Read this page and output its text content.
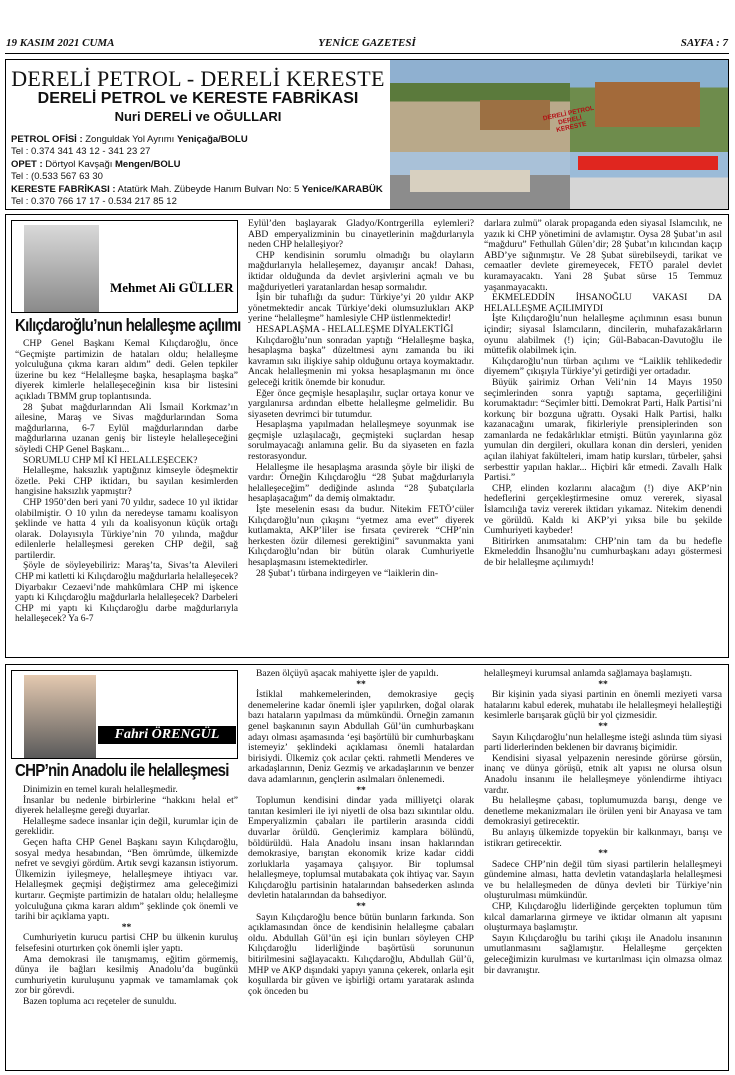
19 KASIM 2021 CUMA	YENİCE GAZETESİ	SAYFA : 7
DERELİ PETROL - DERELİ KERESTE
DERELİ PETROL ve KERESTE FABRİKASI
Nuri DERELİ ve OĞULLARI
PETROL OFİSİ : Zonguldak Yol Ayrımı Yeniçağa/BOLU
Tel : 0.374 341 43 12 - 341 23 27
OPET : Dörtyol Kavşağı Mengen/BOLU
Tel : (0.533 567 63 30
KERESTE FABRİKASI : Atatürk Mah. Zübeyde Hanım Bulvarı No: 5 Yenice/KARABÜK
Tel : 0.370 766 17 17 - 0.534 217 85 12
DERELİ PETROL DERELİ KERESTE
Mehmet Ali GÜLLER
Kılıçdaroğlu’nun helalleşme açılımı

CHP Genel Başkanı Kemal Kılıçdaroğlu, önce “Geçmişte partimizin de hataları oldu; helalleşme yolculuğuna çıkma kararı aldım” dedi. Gelen tepkiler üzerine bu kez “Helalleşme başka, hesaplaşma başka” diyerek kimlerle helalleşeceğinin kısa bir listesini açıkladı TBMM grup toplantısında.

28 Şubat mağdurlarından Ali İsmail Korkmaz’ın ailesine, Maraş ve Sivas mağdurlarından Soma mağdurlarına, 6-7 Eylül mağdurlarından darbe mağdurlarına uzanan geniş bir listeyle helalleşeceğini söyledi CHP Genel Başkanı...

SORUMLU CHP Mİ Kİ HELALLEŞECEK?

Helalleşme, haksızlık yaptığınız kimseyle ödeşmektir özetle. Peki CHP iktidarı, bu sayılan kesimlerden hangisine haksızlık yapmıştır?

CHP 1950’den beri yani 70 yıldır, sadece 10 yıl iktidar olabilmiştir. O 10 yılın da neredeyse tamamı koalisyon şeklinde ve hatta 4 yılı da koalisyonun küçük ortağı olarak. Dolayısıyla Türkiye’nin 70 yılında, mağdur edilenlerle helalleşmesi gereken CHP değil, sağ partilerdir.

Şöyle de söyleyebiliriz: Maraş’ta, Sivas’ta Alevileri CHP mi katletti ki Kılıçdaroğlu mağdurlarla helalleşecek? Diyarbakır Cezaevi’nde mahkûmlara CHP mi işkence yaptı ki Kılıçdaroğlu mağdurlarla helalleşecek? Darbeleri CHP mi yaptı ki Kılıçdaroğlu darbe mağdurlarıyla helalleşecek? Ya 6-7

Eylül’den başlayarak Gladyo/Kontrgerilla eylemleri? ABD emperyalizminin bu cinayetlerinin mağdurlarıyla neden CHP helalleşiyor?

CHP kendisinin sorumlu olmadığı bu olayların mağdurlarıyla helalleşemez, dayanışır ancak! Dahası, iktidar olduğunda da devlet arşivlerini açmalı ve bu mağduriyetleri yaratanlardan hesap sormalıdır.

İşin bir tuhaflığı da şudur: Türkiye’yi 20 yıldır AKP yönetmektedir ancak Türkiye’deki olumsuzlukları AKP yerine “helalleşme” hamlesiyle CHP üstlenmektedir!

HESAPLAŞMA - HELALLEŞME DİYALEKTİĞİ

Kılıçdaroğlu’nun sonradan yaptığı “Helalleşme başka, hesaplaşma başka” düzeltmesi aynı zamanda bu iki kavramın sıkı ilişkiye sahip olduğunu ortaya koymaktadır. Ancak helalleşmenin mi yoksa hesaplaşmanın mı önce geleceği kritik önemde bir konudur.

Eğer önce geçmişle hesaplaşılır, suçlar ortaya konur ve yargılanırsa ardından elbette helalleşme gelmelidir. Bu siyaseten devrimci bir tutumdur.

Hesaplaşma yapılmadan helalleşmeye soyunmak ise geçmişle uzlaşılacağı, geçmişteki suçlardan hesap sorulmayacağı anlamına gelir. Bu da siyaseten en fazla restorasyondur.

Helalleşme ile hesaplaşma arasında şöyle bir ilişki de vardır: Örneğin Kılıçdaroğlu “28 Şubat mağdurlarıyla helalleşeceğim” dediğinde aslında “28 Şubatçılarla hesaplaşacağım” da demiş olmaktadır.

İşte meselenin esası da budur. Nitekim FETÖ’cüler Kılıçdaroğlu’nun çıkışını “yetmez ama evet” diyerek kutlamakta, AKP’liler ise fırsata çevirerek “CHP’nin herkesten özür dilemesi gerektiğini” savunmakta yani Kılıçdaroğlu’ndan bir bütün olarak Cumhuriyetle hesaplaşmasını istemektedirler.

28 Şubat’ı türbana indirgeyen ve “laiklerin din-

darlara zulmü” olarak propaganda eden siyasal İslamcılık, ne yazık ki CHP yönetimini de avlamıştır. Oysa 28 Şubat’ın asıl “mağduru” Fethullah Gülen’dir; 28 Şubat’ın kılıcından kaçıp ABD’ye sığınmıştır. Ve 28 Şubat sürebilseydi, tarikat ve cemaatler devlete giremeyecek, FETÖ paralel devlet kuramayacaktı. Yani 28 Şubat sürse 15 Temmuz yaşanmayacaktı.

EKMELEDDİN İHSANOĞLU VAKASI DA HELALLEŞME AÇILIMIYDI

İşte Kılıçdaroğlu’nun helalleşme açılımının esası bunun içindir; siyasal İslamcıların, dincilerin, muhafazakârların oyunu alabilmek (!) için; Gül-Babacan-Davutoğlu ile müttefik olabilmek için.

Kılıçdaroğlu’nun türban açılımı ve “Laiklik tehlikededir diyemem” çıkışıyla Türkiye’yi getirdiği yer ortadadır.

Büyük şairimiz Orhan Veli’nin 14 Mayıs 1950 seçimlerinden sonra yaptığı saptama, geçerliliğini korumaktadır: “Seçimler bitti. Demokrat Parti, Halk Partisi’ni korkunç bir bozguna uğrattı. Oysaki Halk Partisi, halkı kazanacağını umarak, fikirleriyle prensiplerinden son zamanlarda ne fedakârlıklar etmişti. Bütün yayınlarına göz yumulan din dergileri, okullara konan din dersleri, yeniden açılan ilahiyat fakülteleri, imam hatip kursları, türbeler, şahsi serbesttir yapılan haklar... Hiçbiri kâr etmedi. Zavallı Halk Partisi.”

CHP, elinden kozlarını alacağım (!) diye AKP’nin hedeflerini gerçekleştirmesine omuz vererek, siyasal İslamcılığa taviz vererek iktidarı yıkamaz. Nitekim denendi ve görüldü. Kaldı ki AKP’yi yıksa bile bu şekilde Cumhuriyeti kaybeder!

Bitirirken anımsatalım: CHP’nin tam da bu hedefle Ekmeleddin İhsanoğlu’nu cumhurbaşkanı adayı göstermesi de bir helalleşme açılımıydı!

Fahri ÖRENGÜL
CHP’nin Anadolu ile helalleşmesi

Dinimizin en temel kuralı helalleşmedir.

İnsanlar bu nedenle birbirlerine “hakkını helal et” diyerek helalleşme gereği duyarlar.

Helalleşme sadece insanlar için değil, kurumlar için de gereklidir.

Geçen hafta CHP Genel Başkanı sayın Kılıçdaroğlu, sosyal medya hesabından, “Ben ömrümde, ülkemizde nefret ve sevgiyi gördüm. Artık sevgi kazansın istiyorum. Ülkemizin iyileşmeye, helalleşmeye ihtiyacı var. Helalleşmek geçmişi değiştirmez ama geleceğimizi kurtarır. Geçmişte partimizin de hataları oldu; helalleşme yolculuğuna çıkma kararı aldım” şeklinde çok önemli ve tarihi bir açıklama yaptı.

**

Cumhuriyetin kurucu partisi CHP bu ülkenin kuruluş felsefesini oturtırken çok önemli işler yaptı.

Ama demokrasi ile tanışmamış, eğitim görmemiş, dünya ile bağları kesilmiş Anadolu’da bugünkü cumhuriyetin kuruluşunu yapmak ve tamamlamak çok zor bir görevdi.

Bazen topluma acı reçeteler de sunuldu.

Bazen ölçüyü aşacak mahiyette işler de yapıldı.

**

İstiklal mahkemelerinden, demokrasiye geçiş denemelerine kadar önemli işler yapılırken, doğal olarak bazı hataların yapılması da mümkündü. Örneğin zamanın genel başkanının sayın Abdullah Gül’ün cumhurbaşkanı adayı olması aşamasında ‘eşi başörtülü bir cumhurbaşkanı istemeyiz’ şeklindeki açıklaması önemli hatalardan birisiydi. Ülkemiz çok acılar çekti. rahmetli Menderes ve arkadaşlarının, Deniz Gezmiş ve arkadaşlarının ve benzer dava adamlarının, gençlerin asılmaları önlenemedi.

**

Toplumun kendisini dindar yada milliyetçi olarak tanıtan kesimleri ile iyi niyetli de olsa bazı sıkıntılar oldu. Emperyalizmin çabaları ile partilerin arasında ciddi duvarlar örüldü. Gençlerimiz kamplara bölündü, böldürüldü. Hala Anadolu insanı insan haklarından demokrasiye, barıştan ekonomik krize kadar ciddi zorluklarla yaşamaya çalışıyor. Bir toplumsal helalleşmeye, toplumsal mutabakata çok ihtiyaç var. Sayın Kılıçdaroğlu partisinin hatalarından bahsederken aslında devletin hatalarından da bahsediyor.

**

Sayın Kılıçdaroğlu bence bütün bunların farkında. Son açıklamasından önce de kendisinin helalleşme çabaları oldu. Abdullah Gül’ün eşi için bunları söyleyen CHP Kılıçdaroğlu liderliğinde başörtüsü sorununun bitirilmesini sağlayacaktı. Kılıçdaroğlu, Abdullah Gül’ü, MHP ve AKP dışındaki yapıyı yanına çekerek, onlarla eşit koşullarda bir güven ve işbirliği ortamı yaratarak aslında çok önceden bu

helalleşmeyi kurumsal anlamda sağlamaya başlamıştı.

**

Bir kişinin yada siyasi partinin en önemli meziyeti varsa hatalarını kabul ederek, muhatabı ile helalleşmeyi helalleştiği kesimlerle barışarak güçlü bir yol çizmesidir.

**

Sayın Kılıçdaroğlu’nun helalleşme isteği aslında tüm siyasi parti liderlerinden beklenen bir davranış biçimidir.

Kendisini siyasal yelpazenin neresinde görürse görsün, inanç ve dünya görüşü, etnik alt yapısı ne olursa olsun Anadolu insanını ile helalleşmeye yönlendirme ihtiyacı vardır.

Bu helalleşme çabası, toplumumuzda barışı, denge ve denetleme mekanizmaları ile örülen yeni bir Anayasa ve tam demokrasiyi getirecektir.

Bu anlayış ülkemizde topyekün bir kalkınmayı, barışı ve istikrarı getirecektir.

**

Sadece CHP’nin değil tüm siyasi partilerin helalleşmeyi gündemine alması, hatta devletin vatandaşlarla helalleşmesi ve bu helalleşmeden de dünya devleti bir Türkiye’nin oluşturulması mümkündür.

CHP, Kılıçdaroğlu liderliğinde gerçekten toplumun tüm kılcal damarlarına girmeye ve iktidar olmanın alt yapısını oluşturmaya başlamıştır.

Sayın Kılıçdaroğlu bu tarihi çıkışı ile Anadolu insanının umutlanmasını sağlamıştır. Helalleşme gerçekten geleceğimizin kurulması ve kurtarılması için olmazsa olmaz bir davranıştır.
